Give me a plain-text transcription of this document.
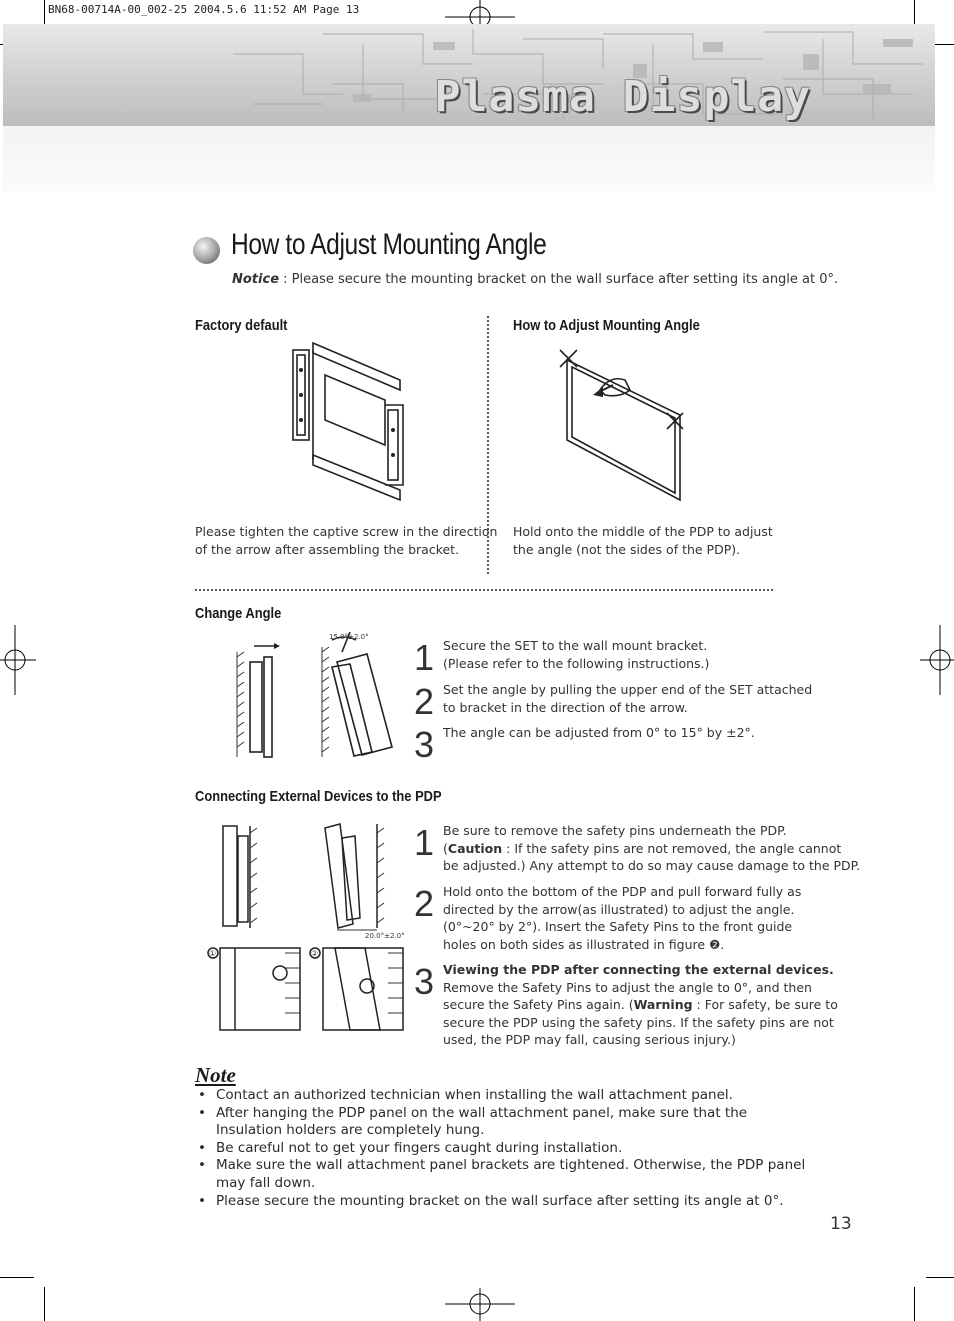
BN68-00714A-00_002-25 2004.5.6 11:52 AM Page 13
Plasma Display
How to Adjust Mounting Angle
Notice : Please secure the mounting bracket on the wall surface after setting its angle at 0°.
Factory default
Please tighten the captive screw in the direction
of the arrow after assembling the bracket.
How to Adjust Mounting Angle
Hold onto the middle of the PDP to adjust
the angle (not the sides of the PDP).
Change Angle
15.0°±2.0° 1 Secure the SET to the wall mount bracket.
(Please refer to the following instructions.)
2 Set the angle by pulling the upper end of the SET attached
to bracket in the direction of the arrow.
3 The angle can be adjusted from 0° to 15° by ±2°.
Connecting External Devices to the PDP
20.0°±2.0°
①	②
1 Be sure to remove the safety pins underneath the PDP.
(Caution : If the safety pins are not removed, the angle cannot
be adjusted.) Any attempt to do so may cause damage to the PDP.
2 Hold onto the bottom of the PDP and pull forward fully as
directed by the arrow(as illustrated) to adjust the angle.
(0°~20° by 2°). Insert the Safety Pins to the front guide
holes on both sides as illustrated in figure ❷.
3 Viewing the PDP after connecting the external devices.
Remove the Safety Pins to adjust the angle to 0°, and then
secure the Safety Pins again. (Warning : For safety, be sure to
secure the PDP using the safety pins. If the safety pins are not
used, the PDP may fall, causing serious injury.)
Note
• Contact an authorized technician when installing the wall attachment panel.
• After hanging the PDP panel on the wall attachment panel, make sure that the Insulation holders are completely hung.
• Be careful not to get your fingers caught during installation.
• Make sure the wall attachment panel brackets are tightened. Otherwise, the PDP panel may fall down.
• Please secure the mounting bracket on the wall surface after setting its angle at 0°.
13
